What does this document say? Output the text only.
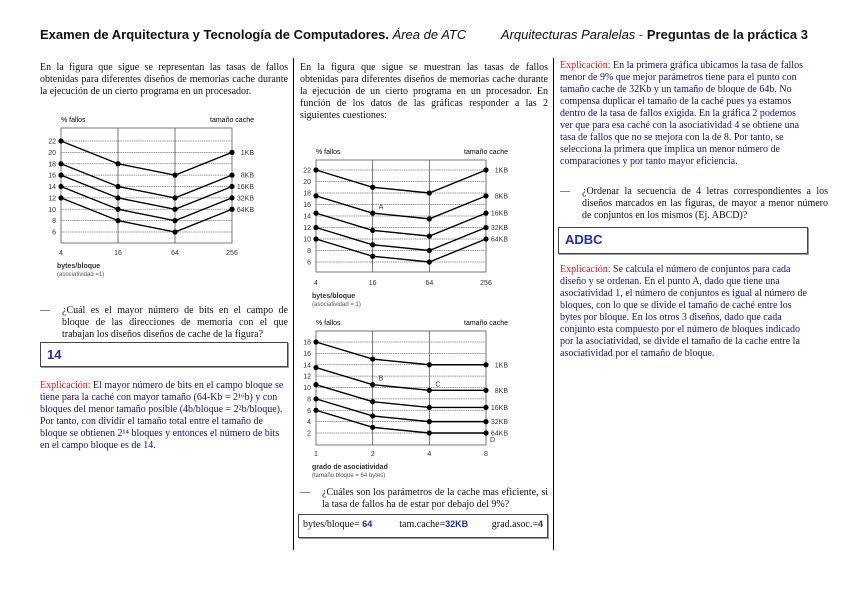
Examen de Arquitectura y Tecnología de Computadores. Área de ATC	Arquitecturas Paralelas - Preguntas de la práctica 3
En la figura que sigue se representan las tasas de fallos obtenidas para diferentes diseños de memorias cache durante la ejecución de un cierto programa en un procesador.
% fallos	tamaño cache
22
20
18
16
14
12
10
8
6
4	16	64	256
bytes/bloque
(asociatividad =1)
1KB
8KB
16KB
32KB
64KB
— ¿Cuál es el mayor número de bits en el campo de bloque de las direcciones de memoria con el que trabajan los diseños diseños de cache de la figura?
14
Explicación: El mayor número de bits en el campo bloque se tiene para la caché con mayor tamaño (64-Kb = 2¹⁶b) y con bloques del menor tamaño posible (4b/bloque = 2²b/bloque). Por tanto, con dividir el tamaño total entre el tamaño de bloque se obtienen 2¹⁴ bloques y entonces el número de bits en el campo bloque es de 14.
En la figura que sigue se muestran las tasas de fallos obtenidas para diferentes diseños de memorias cache durante la ejecución de un cierto programa en un procesador. En función de los datos de las gráficas responder a las 2 siguientes cuestiones:
% fallos	tamaño cache
22
20
18
16
14
12
10
8
6
4	16	64	256
bytes/bloque
(asociatividad = 1)
1KB
8KB
16KB
32KB
64KB
A
% fallos	tamaño cache
18
16
14
12
10
8
6
4
2
1	2	4	8
grado de asociatividad
(tamaño bloque = 64 bytes)
1KB
8KB
16KB
32KB
64KB
B
C
D
— ¿Cuáles son los parámetros de la cache mas eficiente, si la tasa de fallos ha de estar por debajo del 9%?
bytes/bloque= 64	tam.cache=32KB grad.asoc.=4
Explicación: En la primera gráfica ubicamos la tasa de fallos menor de 9% que mejor parámetros tiene para el punto con tamaño cache de 32Kb y un tamaño de bloque de 64b. No compensa duplicar el tamaño de la caché pues ya estamos dentro de la tasa de fallos exigida. En la gráfica 2 podemos ver que para esa caché con la asociatividad 4 se obtiene una tasa de fallos que no se mejora con la de 8. Por tanto, se selecciona la primera que implica un menor número de comparaciones y por tanto mayor eficiencia.
— ¿Ordenar la secuencia de 4 letras correspondientes a los diseños marcados en las figuras, de mayor a menor número de conjuntos en los mismos (Ej. ABCD)?
ADBC
Explicación: Se calcula el número de conjuntos para cada diseño y se ordenan. En el punto A, dado que tiene una asociatividad 1, el número de conjuntos es igual al número de bloques, con lo que se divide el tamaño de caché entre los bytes por bloque. En los otros 3 diseños, dado que cada conjunto esta compuesto por el número de bloques indicado por la asociatividad, se divide el tamaño de la cache entre la asociatividad por el tamaño de bloque.
